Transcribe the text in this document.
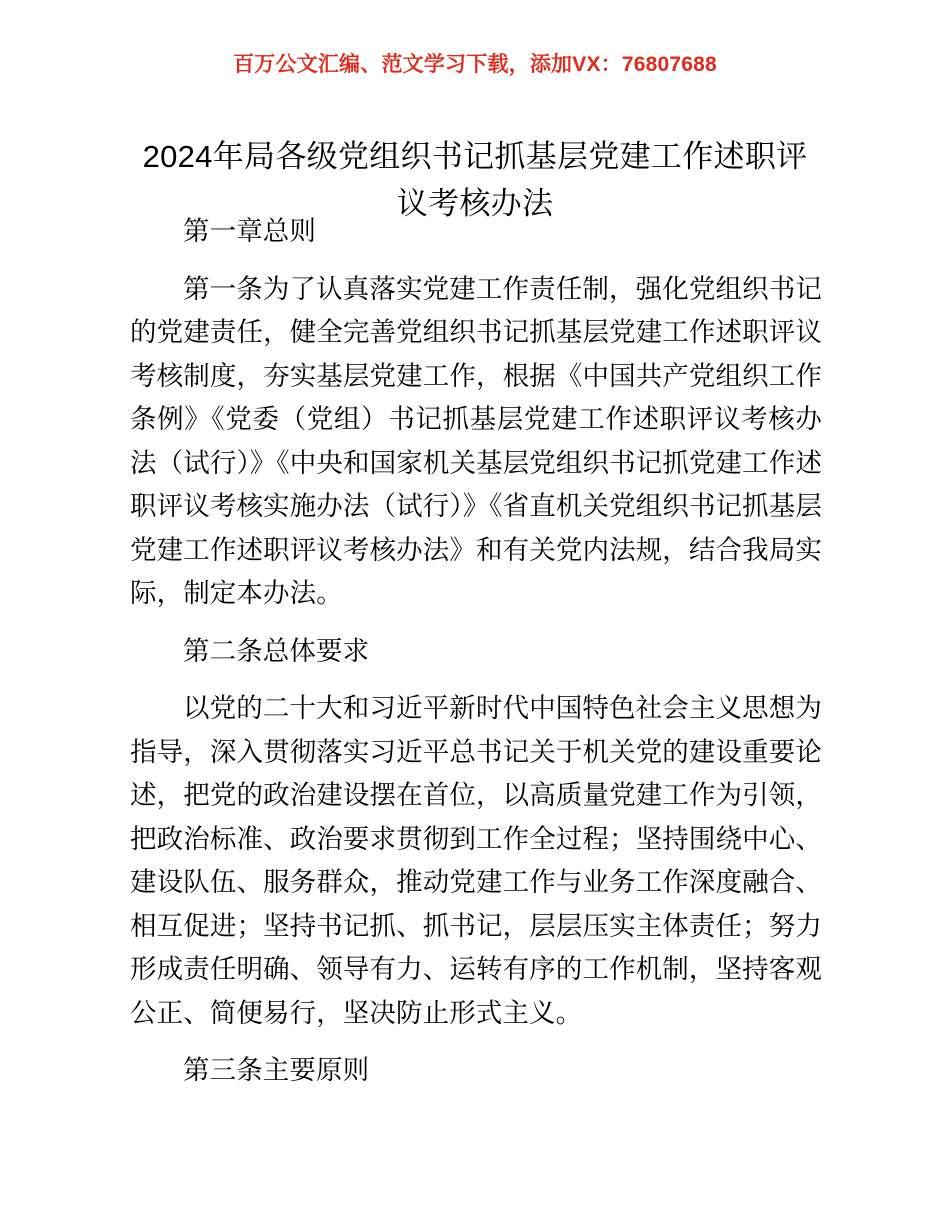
百万公文汇编、范文学习下载，添加VX：76807688
2024年局各级党组织书记抓基层党建工作述职评议考核办法

第一章总则

第一条为了认真落实党建工作责任制，强化党组织书记的党建责任，健全完善党组织书记抓基层党建工作述职评议考核制度，夯实基层党建工作，根据《中国共产党组织工作条例》《党委（党组）书记抓基层党建工作述职评议考核办法（试行）》《中央和国家机关基层党组织书记抓党建工作述职评议考核实施办法（试行）》《省直机关党组织书记抓基层党建工作述职评议考核办法》和有关党内法规，结合我局实际，制定本办法。

第二条总体要求

以党的二十大和习近平新时代中国特色社会主义思想为指导，深入贯彻落实习近平总书记关于机关党的建设重要论述，把党的政治建设摆在首位，以高质量党建工作为引领，把政治标准、政治要求贯彻到工作全过程；坚持围绕中心、建设队伍、服务群众，推动党建工作与业务工作深度融合、相互促进；坚持书记抓、抓书记，层层压实主体责任；努力形成责任明确、领导有力、运转有序的工作机制，坚持客观公正、简便易行，坚决防止形式主义。

第三条主要原则
